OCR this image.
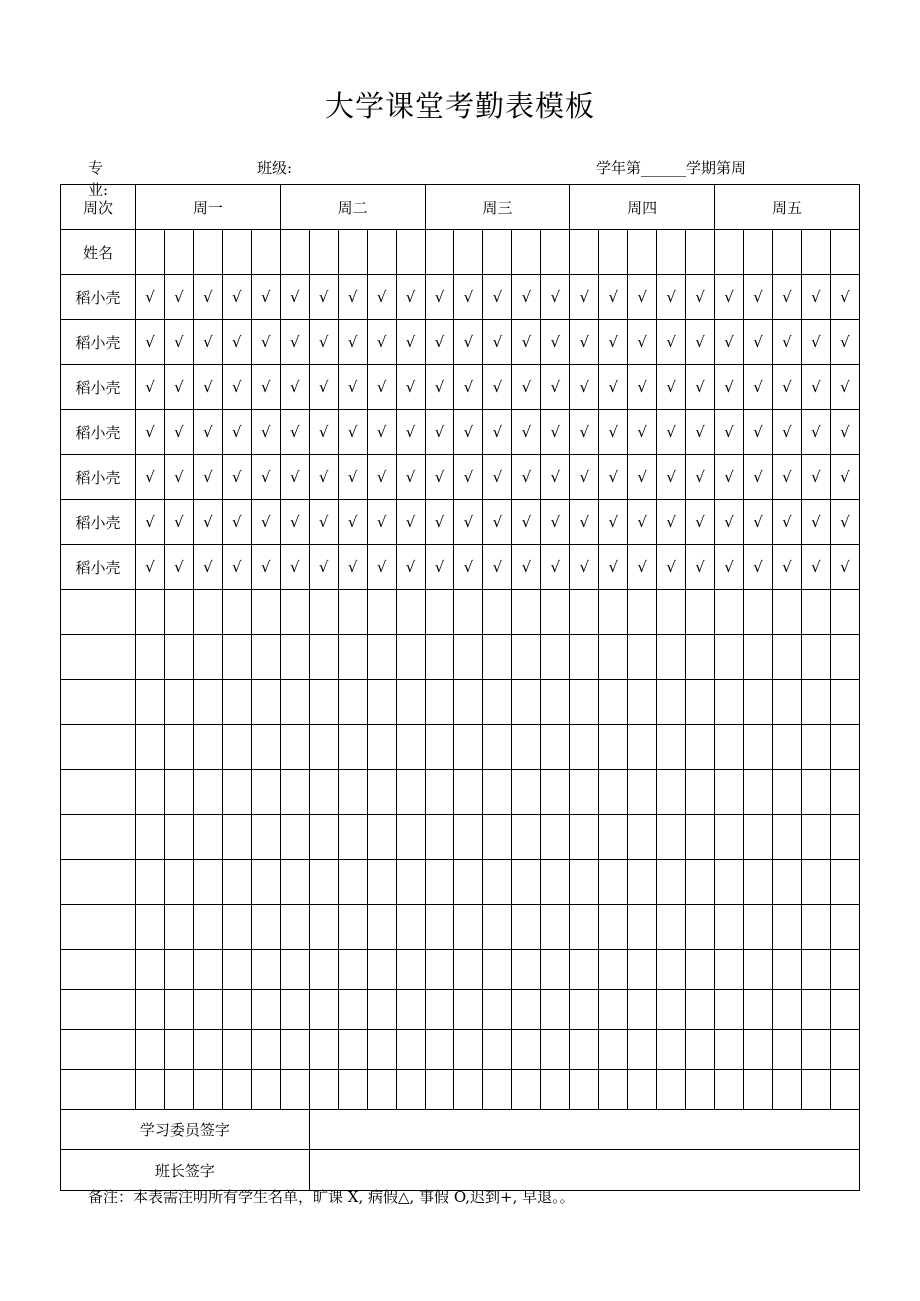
大学课堂考勤表模板
专
业:
班级:	学年第______学期第周
周次	周一					周二					周三					周四					周五				
姓名																									
稻小壳	√	√	√	√	√	√	√	√	√	√	√	√	√	√	√	√	√	√	√	√	√	√	√	√	√
稻小壳	√	√	√	√	√	√	√	√	√	√	√	√	√	√	√	√	√	√	√	√	√	√	√	√	√
稻小壳	√	√	√	√	√	√	√	√	√	√	√	√	√	√	√	√	√	√	√	√	√	√	√	√	√
稻小壳	√	√	√	√	√	√	√	√	√	√	√	√	√	√	√	√	√	√	√	√	√	√	√	√	√
稻小壳	√	√	√	√	√	√	√	√	√	√	√	√	√	√	√	√	√	√	√	√	√	√	√	√	√
稻小壳	√	√	√	√	√	√	√	√	√	√	√	√	√	√	√	√	√	√	√	√	√	√	√	√	√
稻小壳	√	√	√	√	√	√	√	√	√	√	√	√	√	√	√	√	√	√	√	√	√	√	√	√	√

学习委员签字																									
班长签字																									
备注：本表需注明所有学生名单，旷课 X, 病假△, 事假 O,迟到+, 早退。。
